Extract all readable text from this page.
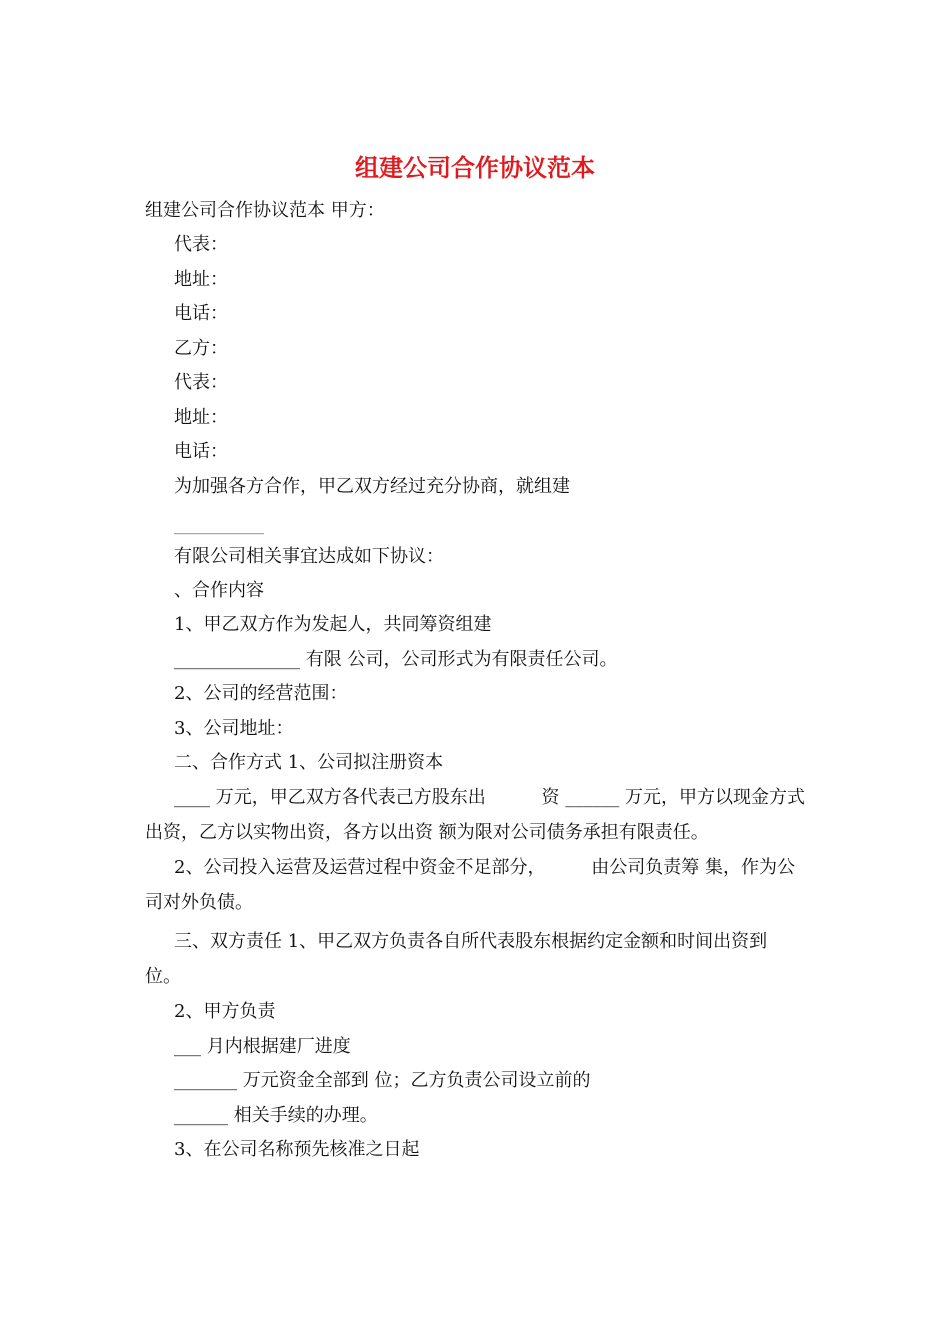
组建公司合作协议范本
组建公司合作协议范本 甲方：
代表：
地址：
电话：
乙方：
代表：
地址：
电话：
为加强各方合作，甲乙双方经过充分协商，就组建
__________
有限公司相关事宜达成如下协议：
、合作内容
1、甲乙双方作为发起人，共同筹资组建
______________ 有限 公司，公司形式为有限责任公司。
2、公司的经营范围：
3、公司地址：
二、合作方式 1、公司拟注册资本
____ 万元，甲乙双方各代表己方股东出	资 ______ 万元，甲方以现金方式
出资，乙方以实物出资，各方以出资 额为限对公司债务承担有限责任。
2、公司投入运营及运营过程中资金不足部分，	由公司负责筹 集，作为公
司对外负债。
三、双方责任 1、甲乙双方负责各自所代表股东根据约定金额和时间出资到
位。
2、甲方负责
___ 月内根据建厂进度
_______ 万元资金全部到 位；乙方负责公司设立前的
______ 相关手续的办理。
3、在公司名称预先核准之日起
